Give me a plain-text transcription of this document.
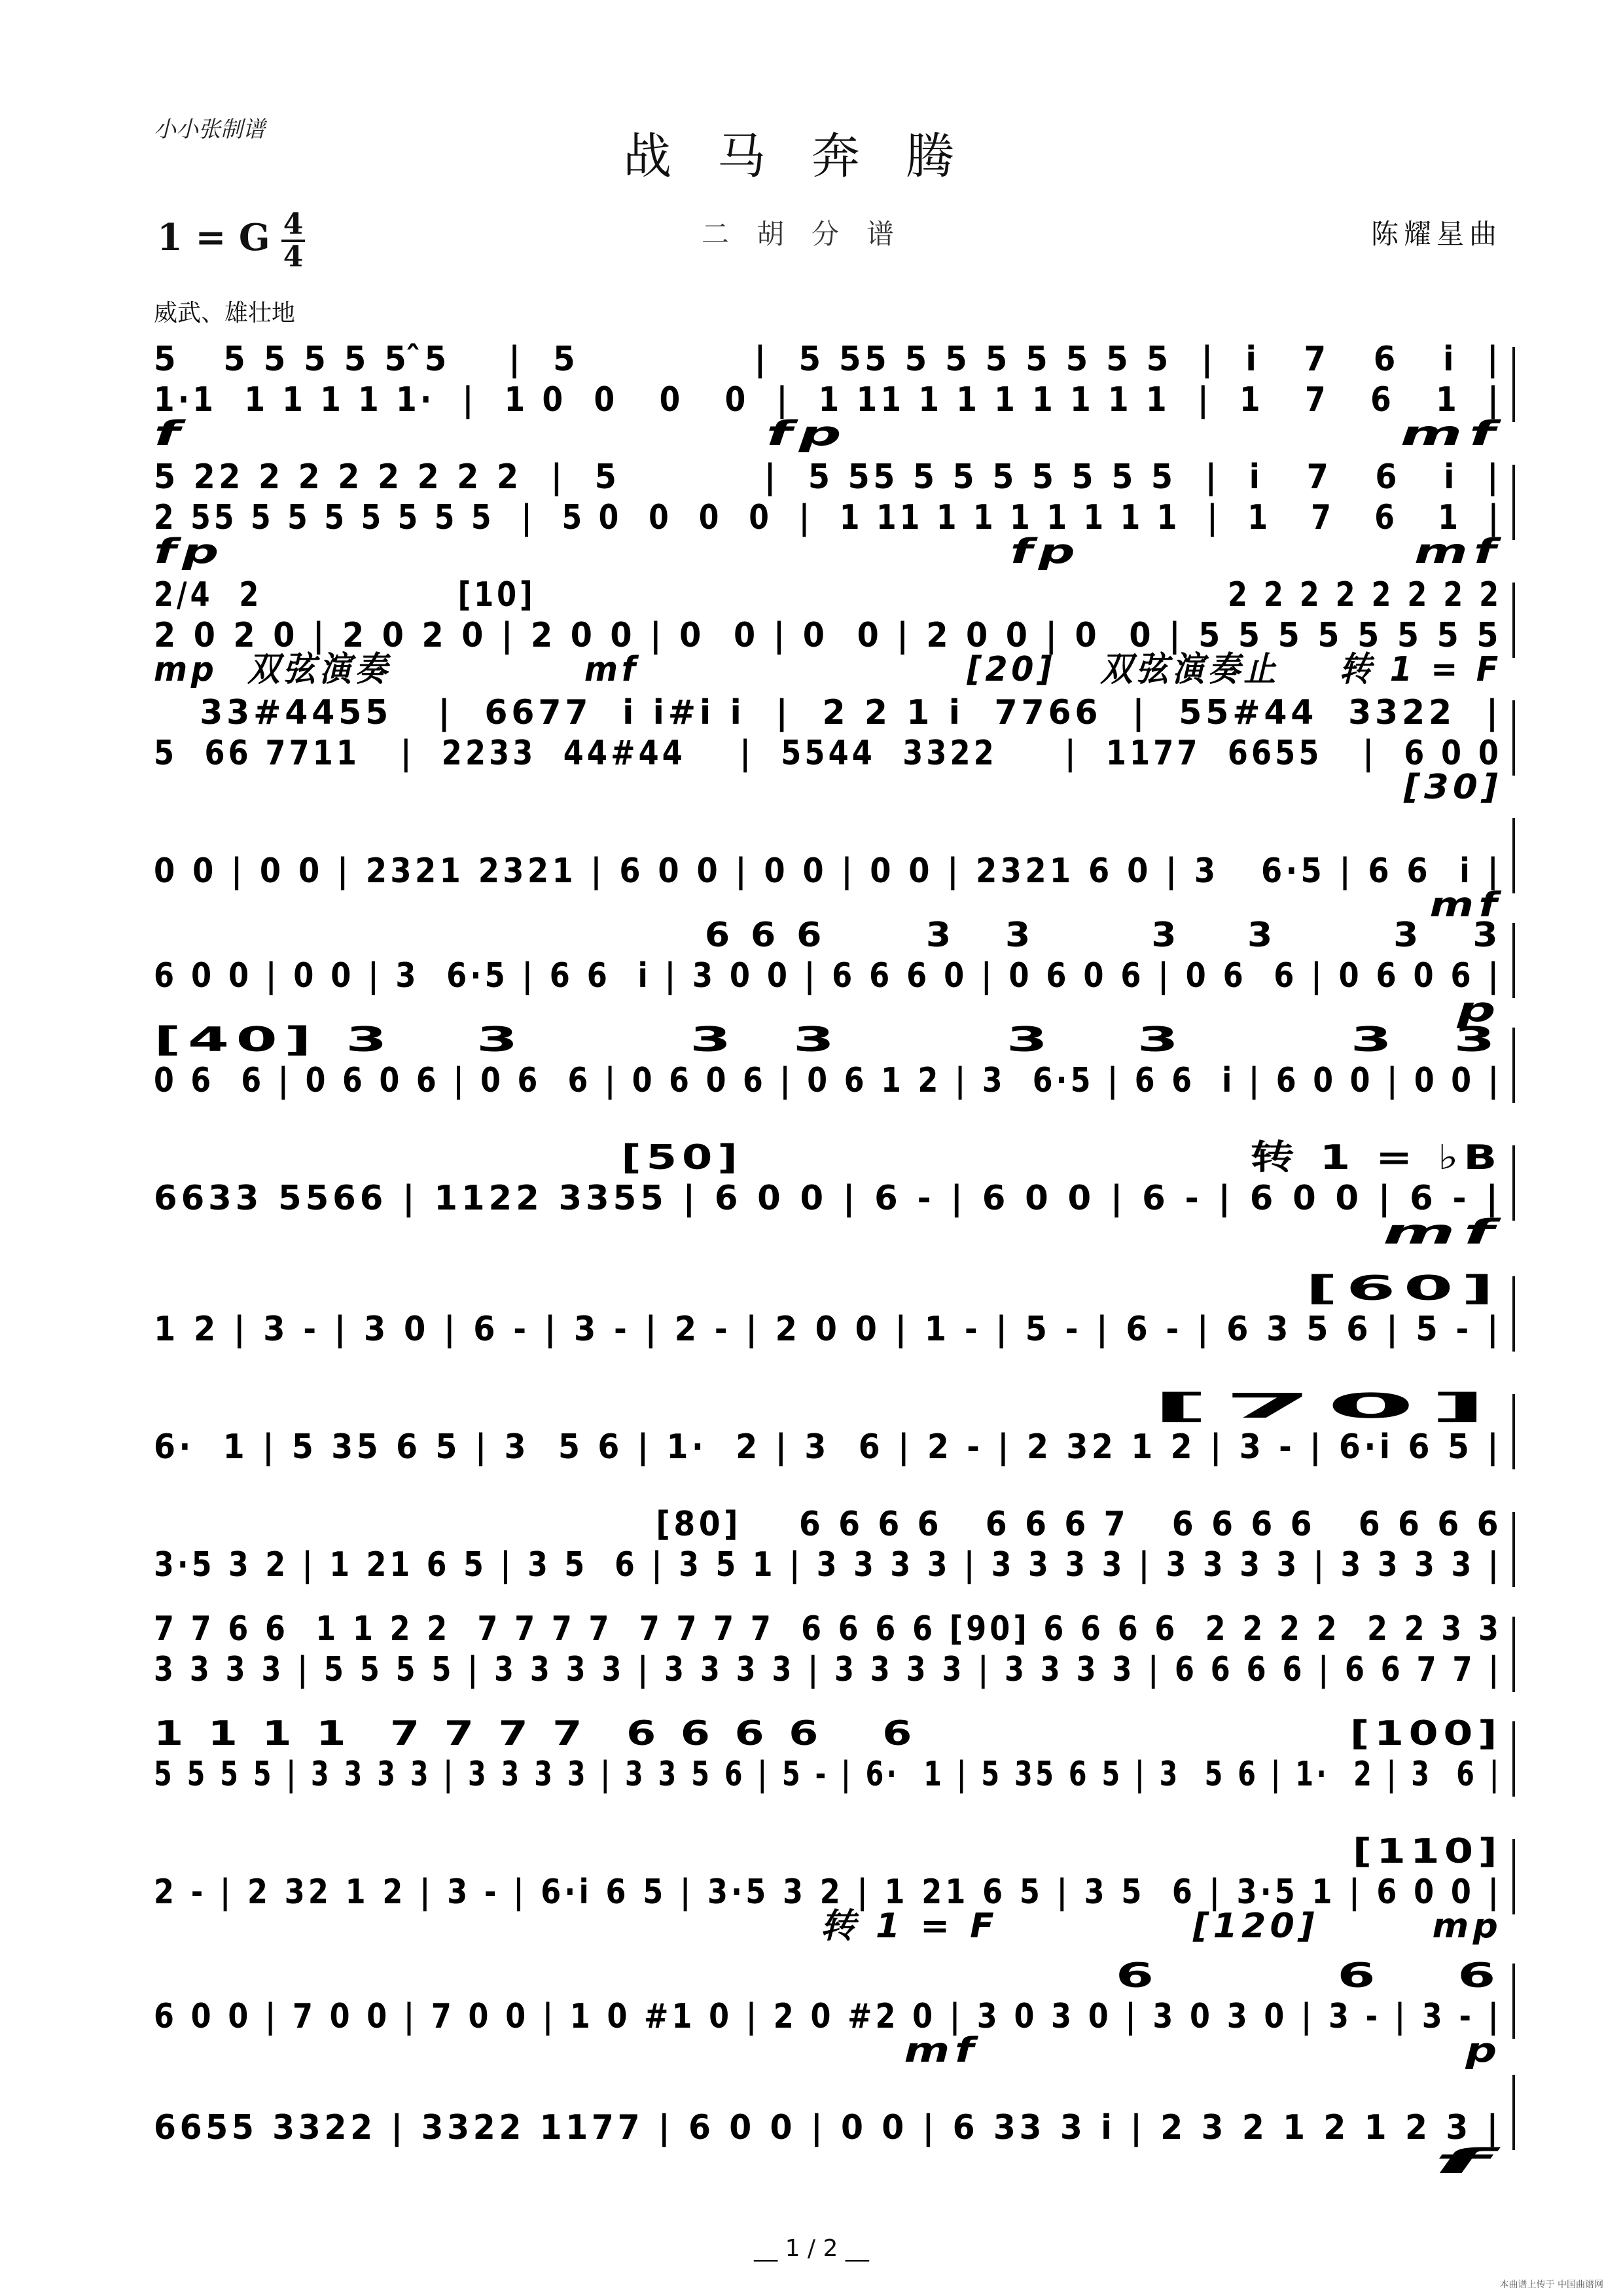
小小张制谱	战马奔腾
1 = G 4
4
二胡分谱	陈耀星曲
威武、雄壮地
5   5 5 5 5 5 ̂5    |  5            |  5 55 5 5 5 5 5 5 5  |  i   7   6   i  |
1·1  1 1 1 1 1·  |  1 0  0   0   0  |  1 11 1 1 1 1 1 1 1  |  1   7   6   1  |
f                     fp                    mf
5 22 2 2 2 2 2 2 2  |  5          |  5 55 5 5 5 5 5 5 5  |  i   7   6   i  |
2 55 5 5 5 5 5 5 5  |  5 0  0  0  0  |  1 11 1 1 1 1 1 1 1  |  1   7   6   1  |
fp                                 fp              mf
2/4  2               [10]                                                     2 2 2 2 2 2 2 2
2 0 2 0 | 2 0 2 0 | 2 0 0 | 0  0 | 0  0 | 2 0 0 | 0  0 | 5 5 5 5 5 5 5 5
mp  双弦演奏             mf                      [20]   双弦演奏止    转 1 = F
33#4455   |  6677  i i#i i  |  2 2 1 i  7766  |  55#44  3322  |
5  66 7711   |  2233  44#44    |  5544  3322     |  1177  6655   |  6 0 0
[30]
0 0 | 0 0 | 2321 2321 | 6 0 0 | 0 0 | 0 0 | 2321 6 0 | 3   6·5 | 6 6  i |
mf
6 6 6      3   3       3    3       3   3
6 0 0 | 0 0 | 3  6·5 | 6 6  i | 3 0 0 | 6 6 6 0 | 0 6 0 6 | 0 6  6 | 0 6 0 6 |
p
[40] 3   3      3  3      3   3      3  3
0 6  6 | 0 6 0 6 | 0 6  6 | 0 6 0 6 | 0 6 1 2 | 3  6·5 | 6 6  i | 6 0 0 | 0 0 |
[50]                         转 1 = ♭B
6633 5566 | 1122 3355 | 6 0 0 | 6 - | 6 0 0 | 6 - | 6 0 0 | 6 - |
mf
[60]
1 2 | 3 - | 3 0 | 6 - | 3 - | 2 - | 2 0 0 | 1 - | 5 - | 6 - | 6 3 5 6 | 5 - |
[70]
6·  1 | 5 35 6 5 | 3  5 6 | 1·  2 | 3  6 | 2 - | 2 32 1 2 | 3 - | 6·i 6 5 |
[80]    6 6 6 6   6 6 6 7   6 6 6 6   6 6 6 6
3·5 3 2 | 1 21 6 5 | 3 5  6 | 3 5 1 | 3 3 3 3 | 3 3 3 3 | 3 3 3 3 | 3 3 3 3 |
7 7 6 6  1 1 2 2  7 7 7 7  7 7 7 7  6 6 6 6 [90] 6 6 6 6  2 2 2 2  2 2 3 3
3 3 3 3 | 5 5 5 5 | 3 3 3 3 | 3 3 3 3 | 3 3 3 3 | 3 3 3 3 | 6 6 6 6 | 6 6 7 7 |
1 1 1 1  7 7 7 7  6 6 6 6   6                      [100]
5 5 5 5 | 3 3 3 3 | 3 3 3 3 | 3 3 5 6 | 5 - | 6·  1 | 5 35 6 5 | 3  5 6 | 1·  2 | 3  6 |
[110]
2 - | 2 32 1 2 | 3 - | 6·i 6 5 | 3·5 3 2 | 1 21 6 5 | 3 5  6 | 3·5 1 | 6 0 0 |
转 1 = F            [120]       mp
6       6   6
6 0 0 | 7 0 0 | 7 0 0 | 1 0 #1 0 | 2 0 #2 0 | 3 0 3 0 | 3 0 3 0 | 3 - | 3 - |
mf                        p
6655 3322 | 3322 1177 | 6 0 0 | 0 0 | 6 33 3 i | 2 3 2 1 2 1 2 3 |
f
__ 1 / 2 __
本曲谱上传于 中国曲谱网
